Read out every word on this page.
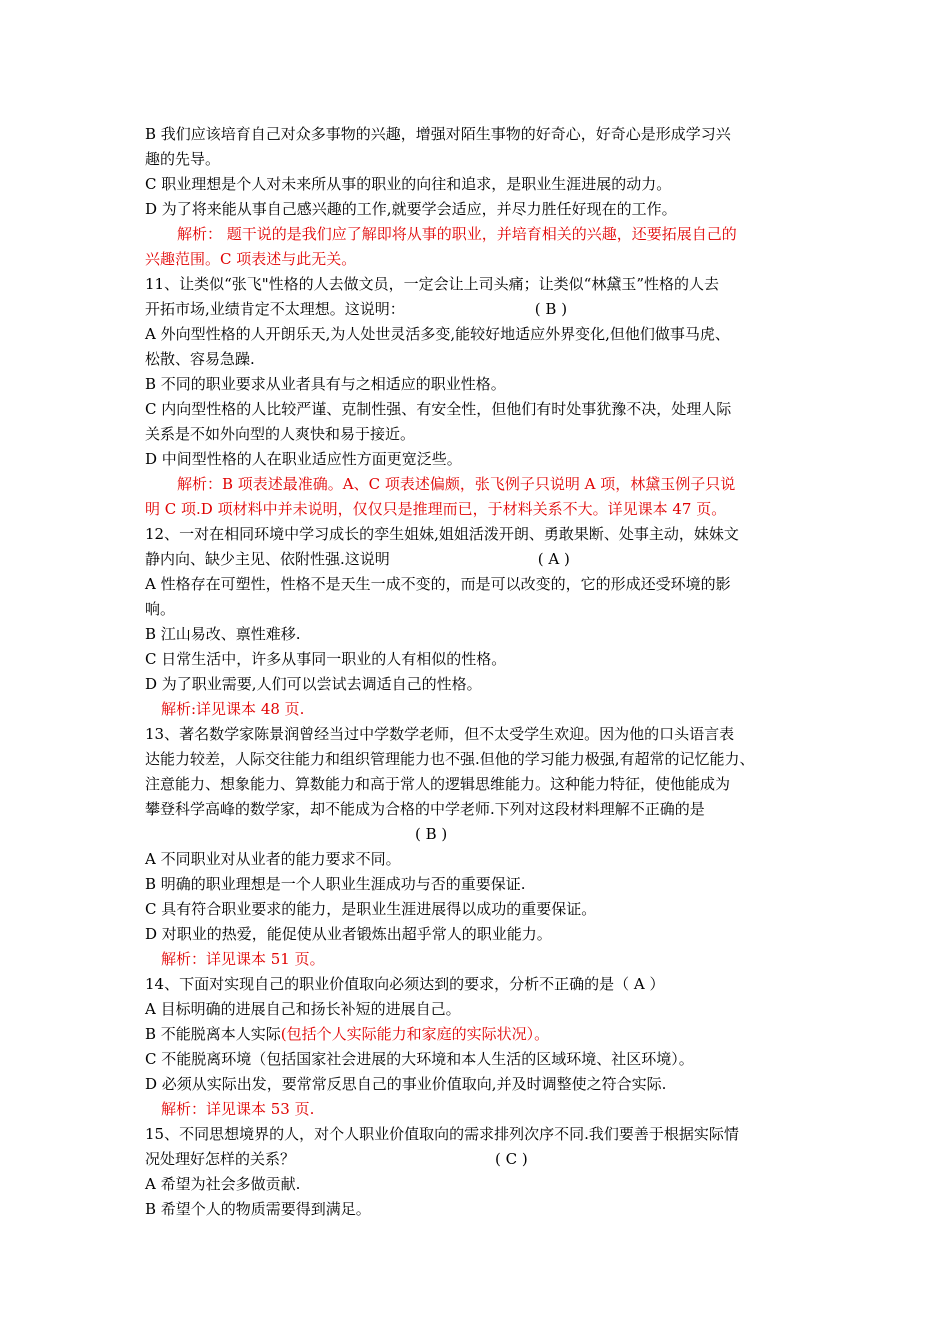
B 我们应该培育自己对众多事物的兴趣，增强对陌生事物的好奇心，好奇心是形成学习兴
趣的先导。
C 职业理想是个人对未来所从事的职业的向往和追求，是职业生涯进展的动力。
D 为了将来能从事自己感兴趣的工作,就要学会适应，并尽力胜任好现在的工作。
解析： 题干说的是我们应了解即将从事的职业，并培育相关的兴趣，还要拓展自己的
兴趣范围。C 项表述与此无关。
11、让类似“张飞"性格的人去做文员，一定会让上司头痛；让类似“林黛玉”性格的人去
开拓市场,业绩肯定不太理想。这说明：	( B )
A 外向型性格的人开朗乐天,为人处世灵活多变,能较好地适应外界变化,但他们做事马虎、
松散、容易急躁.
B 不同的职业要求从业者具有与之相适应的职业性格。
C 内向型性格的人比较严谨、克制性强、有安全性，但他们有时处事犹豫不决，处理人际
关系是不如外向型的人爽快和易于接近。
D 中间型性格的人在职业适应性方面更宽泛些。
解析：B 项表述最准确。A、C 项表述偏颇，张飞例子只说明 A 项，林黛玉例子只说
明 C 项.D 项材料中并未说明，仅仅只是推理而已，于材料关系不大。详见课本 47 页。
12、一对在相同环境中学习成长的孪生姐妹,姐姐活泼开朗、勇敢果断、处事主动，妹妹文
静内向、缺少主见、依附性强.这说明	( A )
A 性格存在可塑性，性格不是天生一成不变的，而是可以改变的，它的形成还受环境的影
响。
B 江山易改、禀性难移.
C 日常生活中，许多从事同一职业的人有相似的性格。
D 为了职业需要,人们可以尝试去调适自己的性格。
解析:详见课本 48 页.
13、著名数学家陈景润曾经当过中学数学老师，但不太受学生欢迎。因为他的口头语言表
达能力较差，人际交往能力和组织管理能力也不强.但他的学习能力极强,有超常的记忆能力、
注意能力、想象能力、算数能力和高于常人的逻辑思维能力。这种能力特征，使他能成为
攀登科学高峰的数学家，却不能成为合格的中学老师.下列对这段材料理解不正确的是
( B )
A 不同职业对从业者的能力要求不同。
B 明确的职业理想是一个人职业生涯成功与否的重要保证.
C 具有符合职业要求的能力，是职业生涯进展得以成功的重要保证。
D 对职业的热爱，能促使从业者锻炼出超乎常人的职业能力。
解析：详见课本 51 页。
14、下面对实现自己的职业价值取向必须达到的要求，分析不正确的是（ A ）
A 目标明确的进展自己和扬长补短的进展自己。
B 不能脱离本人实际(包括个人实际能力和家庭的实际状况）。
C 不能脱离环境（包括国家社会进展的大环境和本人生活的区域环境、社区环境）。
D 必须从实际出发，要常常反思自己的事业价值取向,并及时调整使之符合实际.
解析：详见课本 53 页.
15、不同思想境界的人，对个人职业价值取向的需求排列次序不同.我们要善于根据实际情
况处理好怎样的关系？	( C )
A 希望为社会多做贡献.
B 希望个人的物质需要得到满足。
